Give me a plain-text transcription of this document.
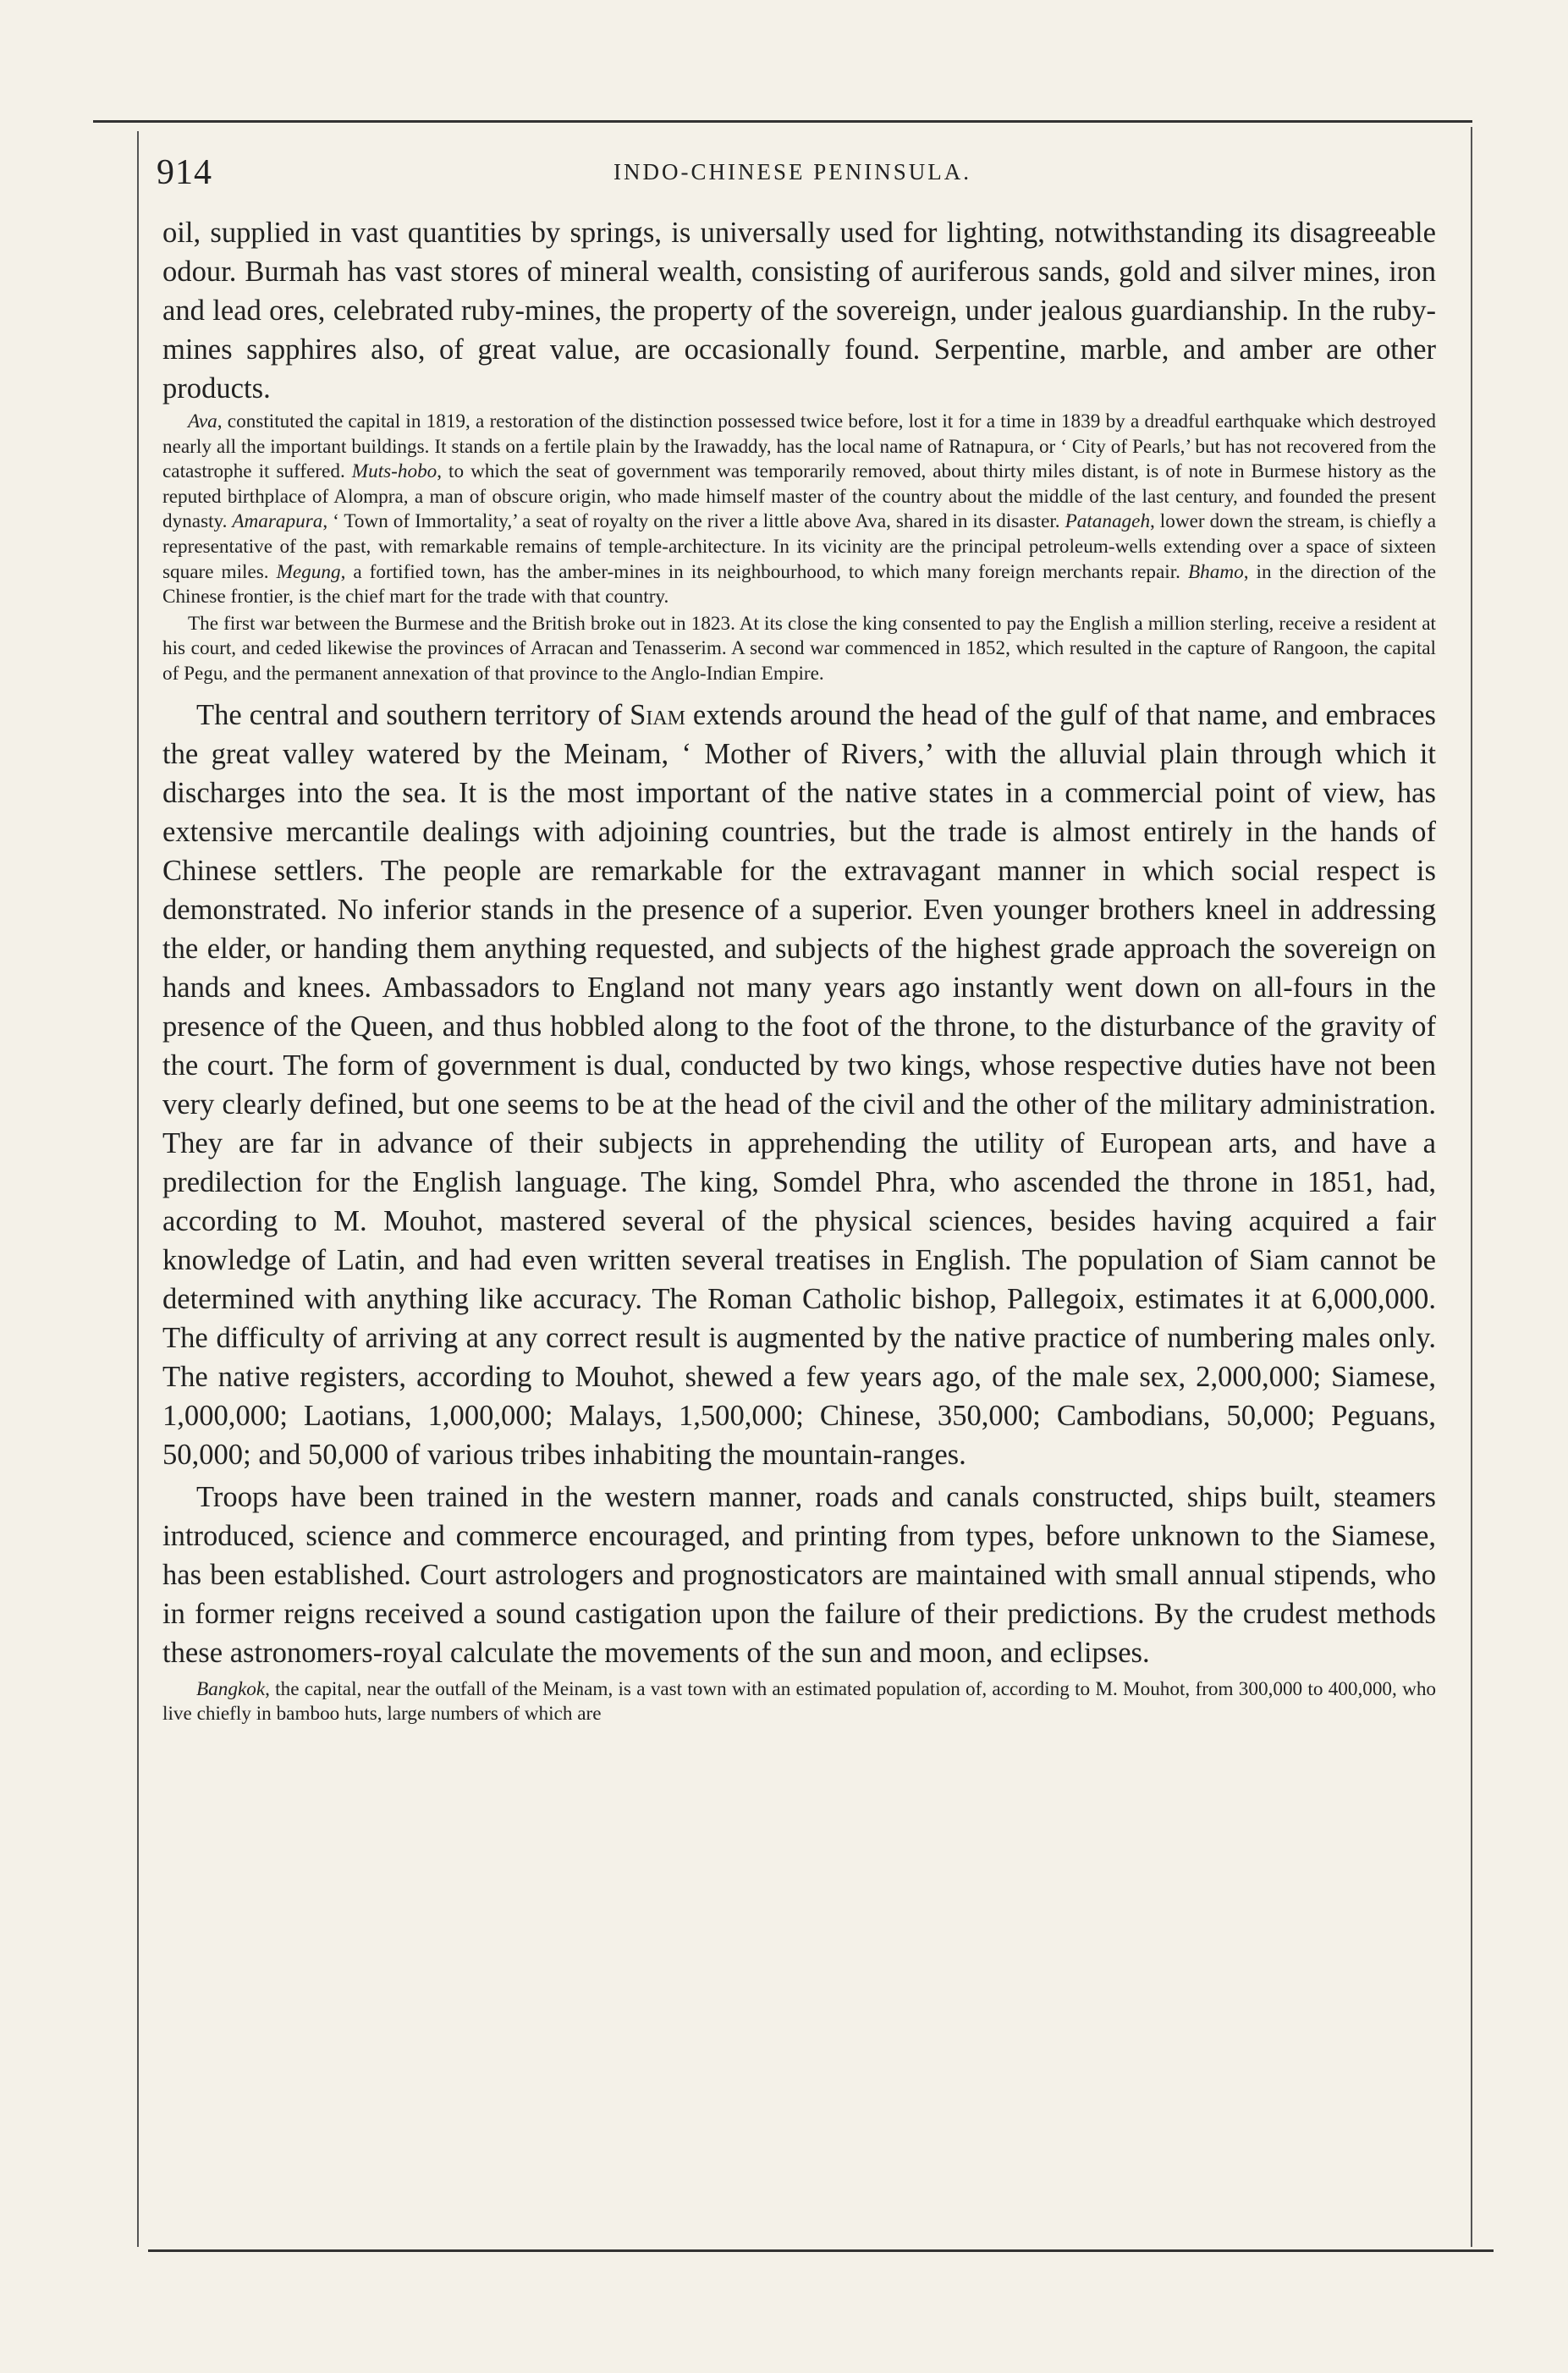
914	INDO-CHINESE PENINSULA.

oil, supplied in vast quantities by springs, is universally used for lighting, notwithstanding its disagreeable odour. Burmah has vast stores of mineral wealth, consisting of auriferous sands, gold and silver mines, iron and lead ores, celebrated ruby-mines, the property of the sovereign, under jealous guardianship. In the ruby-mines sapphires also, of great value, are occasionally found. Serpentine, marble, and amber are other products.

Ava, constituted the capital in 1819, a restoration of the distinction possessed twice before, lost it for a time in 1839 by a dreadful earthquake which destroyed nearly all the important buildings. It stands on a fertile plain by the Irawaddy, has the local name of Ratnapura, or ‘ City of Pearls,’ but has not recovered from the catastrophe it suffered. Muts-hobo, to which the seat of government was temporarily removed, about thirty miles distant, is of note in Burmese history as the reputed birthplace of Alompra, a man of obscure origin, who made himself master of the country about the middle of the last century, and founded the present dynasty. Amarapura, ‘ Town of Immortality,’ a seat of royalty on the river a little above Ava, shared in its disaster. Patanageh, lower down the stream, is chiefly a representative of the past, with remarkable remains of temple-architecture. In its vicinity are the principal petroleum-wells extending over a space of sixteen square miles. Megung, a fortified town, has the amber-mines in its neighbourhood, to which many foreign merchants repair. Bhamo, in the direction of the Chinese frontier, is the chief mart for the trade with that country.

The first war between the Burmese and the British broke out in 1823. At its close the king consented to pay the English a million sterling, receive a resident at his court, and ceded likewise the provinces of Arracan and Tenasserim. A second war commenced in 1852, which resulted in the capture of Rangoon, the capital of Pegu, and the permanent annexation of that province to the Anglo-Indian Empire.

The central and southern territory of Siam extends around the head of the gulf of that name, and embraces the great valley watered by the Meinam, ‘ Mother of Rivers,’ with the alluvial plain through which it discharges into the sea. It is the most important of the native states in a commercial point of view, has extensive mercantile dealings with adjoining countries, but the trade is almost entirely in the hands of Chinese settlers. The people are remarkable for the extravagant manner in which social respect is demonstrated. No inferior stands in the presence of a superior. Even younger brothers kneel in addressing the elder, or handing them anything requested, and subjects of the highest grade approach the sovereign on hands and knees. Ambassadors to England not many years ago instantly went down on all-fours in the presence of the Queen, and thus hobbled along to the foot of the throne, to the disturbance of the gravity of the court. The form of government is dual, conducted by two kings, whose respective duties have not been very clearly defined, but one seems to be at the head of the civil and the other of the military administration. They are far in advance of their subjects in apprehending the utility of European arts, and have a predilection for the English language. The king, Somdel Phra, who ascended the throne in 1851, had, according to M. Mouhot, mastered several of the physical sciences, besides having acquired a fair knowledge of Latin, and had even written several treatises in English. The population of Siam cannot be determined with anything like accuracy. The Roman Catholic bishop, Pallegoix, estimates it at 6,000,000. The difficulty of arriving at any correct result is augmented by the native practice of numbering males only. The native registers, according to Mouhot, shewed a few years ago, of the male sex, 2,000,000; Siamese, 1,000,000; Laotians, 1,000,000; Malays, 1,500,000; Chinese, 350,000; Cambodians, 50,000; Peguans, 50,000; and 50,000 of various tribes inhabiting the mountain-ranges.

Troops have been trained in the western manner, roads and canals constructed, ships built, steamers introduced, science and commerce encouraged, and printing from types, before unknown to the Siamese, has been established. Court astrologers and prognosticators are maintained with small annual stipends, who in former reigns received a sound castigation upon the failure of their predictions. By the crudest methods these astronomers-royal calculate the movements of the sun and moon, and eclipses.

Bangkok, the capital, near the outfall of the Meinam, is a vast town with an estimated population of, according to M. Mouhot, from 300,000 to 400,000, who live chiefly in bamboo huts, large numbers of which are
